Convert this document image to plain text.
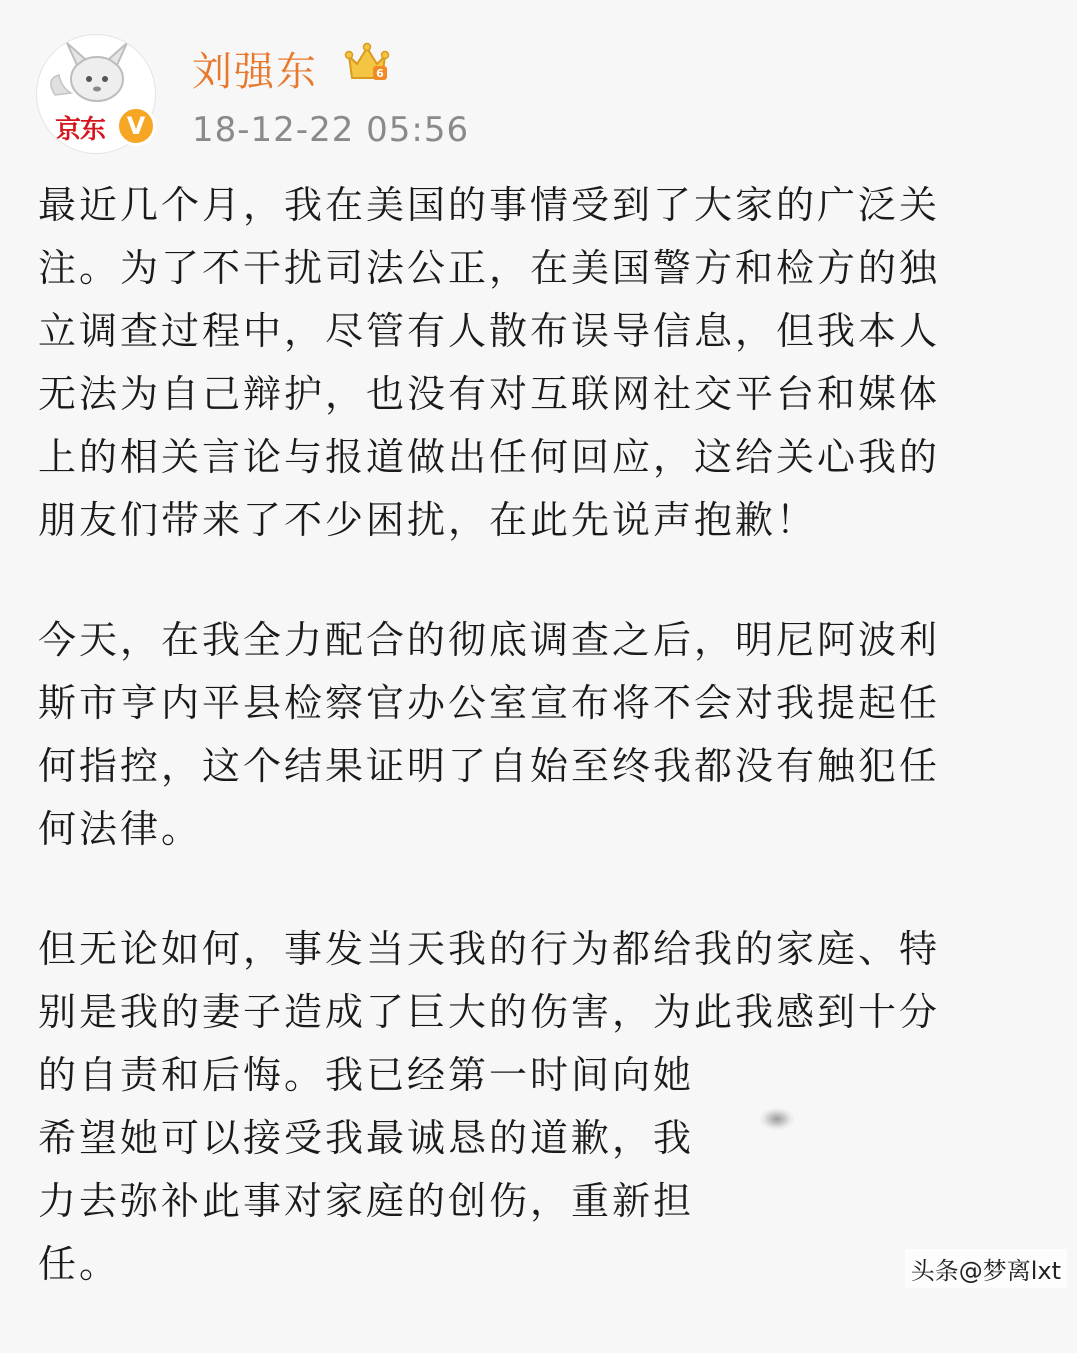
京东 V
刘强东	6
18-12-22 05:56

最近几个月，我在美国的事情受到了大家的广泛关
注。为了不干扰司法公正，在美国警方和检方的独
立调查过程中，尽管有人散布误导信息，但我本人
无法为自己辩护，也没有对互联网社交平台和媒体
上的相关言论与报道做出任何回应，这给关心我的
朋友们带来了不少困扰，在此先说声抱歉！

今天，在我全力配合的彻底调查之后，明尼阿波利
斯市亨内平县检察官办公室宣布将不会对我提起任
何指控，这个结果证明了自始至终我都没有触犯任
何法律。

但无论如何，事发当天我的行为都给我的家庭、特
别是我的妻子造成了巨大的伤害，为此我感到十分
的自责和后悔。我已经第一时间向她
希望她可以接受我最诚恳的道歉，我
力去弥补此事对家庭的创伤，重新担
任。	头条@梦离lxt
